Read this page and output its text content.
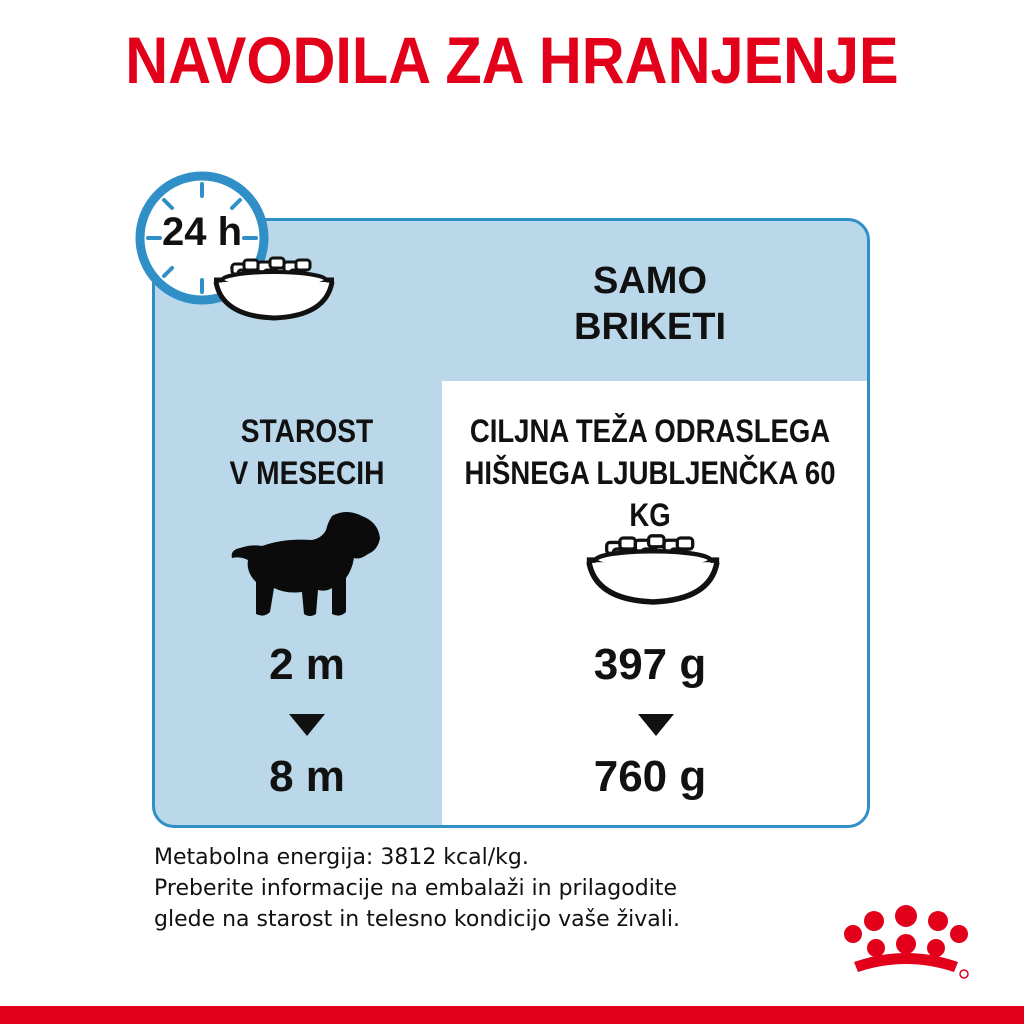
NAVODILA ZA HRANJENJE
24 h
SAMO
BRIKETI
STAROST
V MESECIH
CILJNA TEŽA ODRASLEGA
HIŠNEGA LJUBLJENČKA 60 KG
2 m
8 m
397 g
760 g
Metabolna energija: 3812 kcal/kg.
Preberite informacije na embalaži in prilagodite
glede na starost in telesno kondicijo vaše živali.
